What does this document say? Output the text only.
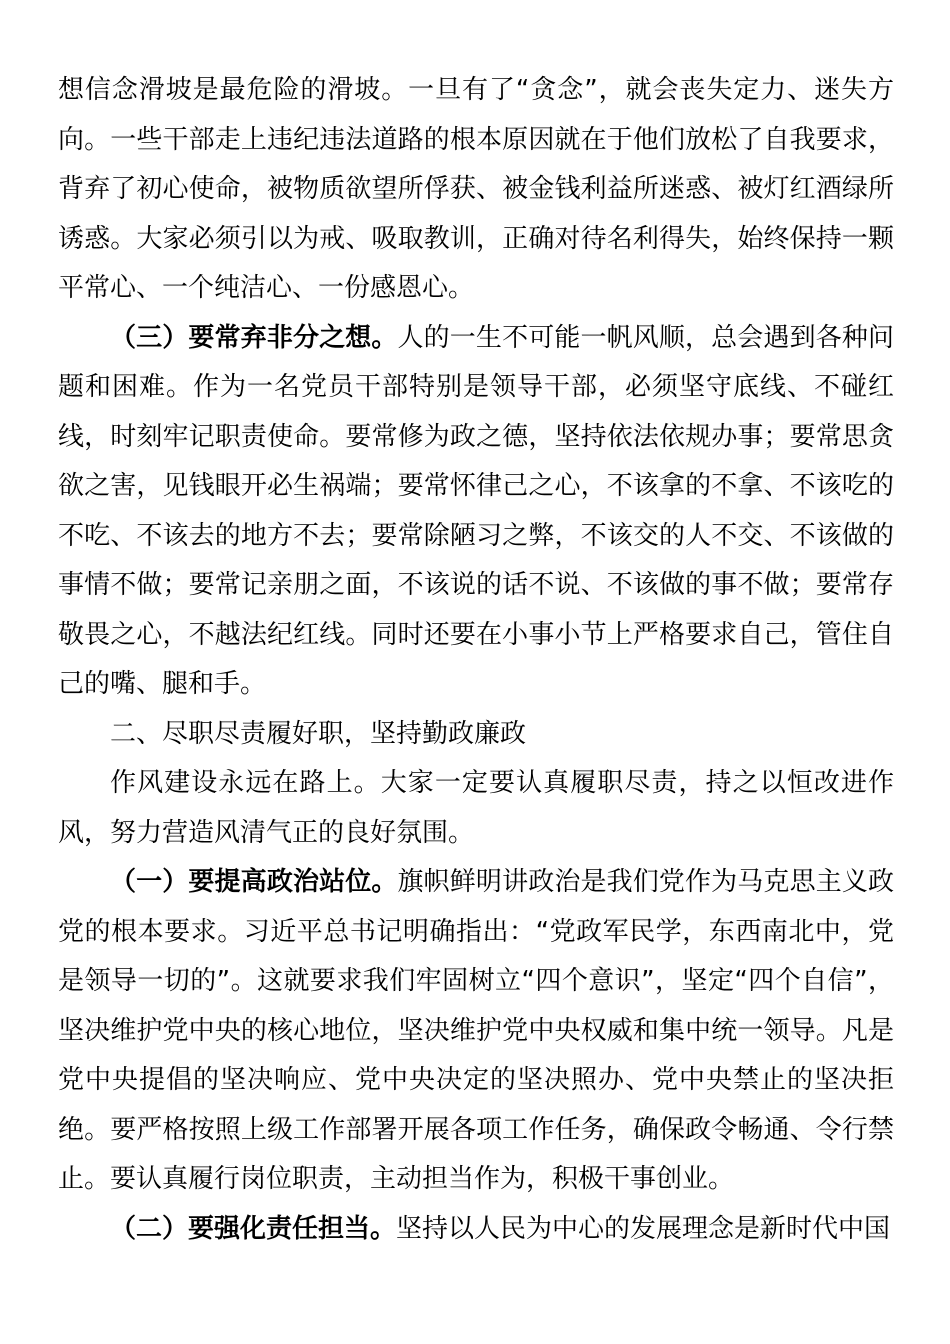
想信念滑坡是最危险的滑坡。一旦有了“贪念”，就会丧失定力、迷失方向。一些干部走上违纪违法道路的根本原因就在于他们放松了自我要求，背弃了初心使命，被物质欲望所俘获、被金钱利益所迷惑、被灯红酒绿所诱惑。大家必须引以为戒、吸取教训，正确对待名利得失，始终保持一颗平常心、一个纯洁心、一份感恩心。

（三）要常弃非分之想。人的一生不可能一帆风顺，总会遇到各种问题和困难。作为一名党员干部特别是领导干部，必须坚守底线、不碰红线，时刻牢记职责使命。要常修为政之德，坚持依法依规办事；要常思贪欲之害，见钱眼开必生祸端；要常怀律己之心，不该拿的不拿、不该吃的不吃、不该去的地方不去；要常除陋习之弊，不该交的人不交、不该做的事情不做；要常记亲朋之面，不该说的话不说、不该做的事不做；要常存敬畏之心，不越法纪红线。同时还要在小事小节上严格要求自己，管住自己的嘴、腿和手。

二、尽职尽责履好职，坚持勤政廉政

作风建设永远在路上。大家一定要认真履职尽责，持之以恒改进作风，努力营造风清气正的良好氛围。

（一）要提高政治站位。旗帜鲜明讲政治是我们党作为马克思主义政党的根本要求。习近平总书记明确指出：“党政军民学，东西南北中，党是领导一切的”。这就要求我们牢固树立“四个意识”，坚定“四个自信”，坚决维护党中央的核心地位，坚决维护党中央权威和集中统一领导。凡是党中央提倡的坚决响应、党中央决定的坚决照办、党中央禁止的坚决拒绝。要严格按照上级工作部署开展各项工作任务，确保政令畅通、令行禁止。要认真履行岗位职责，主动担当作为，积极干事创业。

（二）要强化责任担当。坚持以人民为中心的发展理念是新时代中国
